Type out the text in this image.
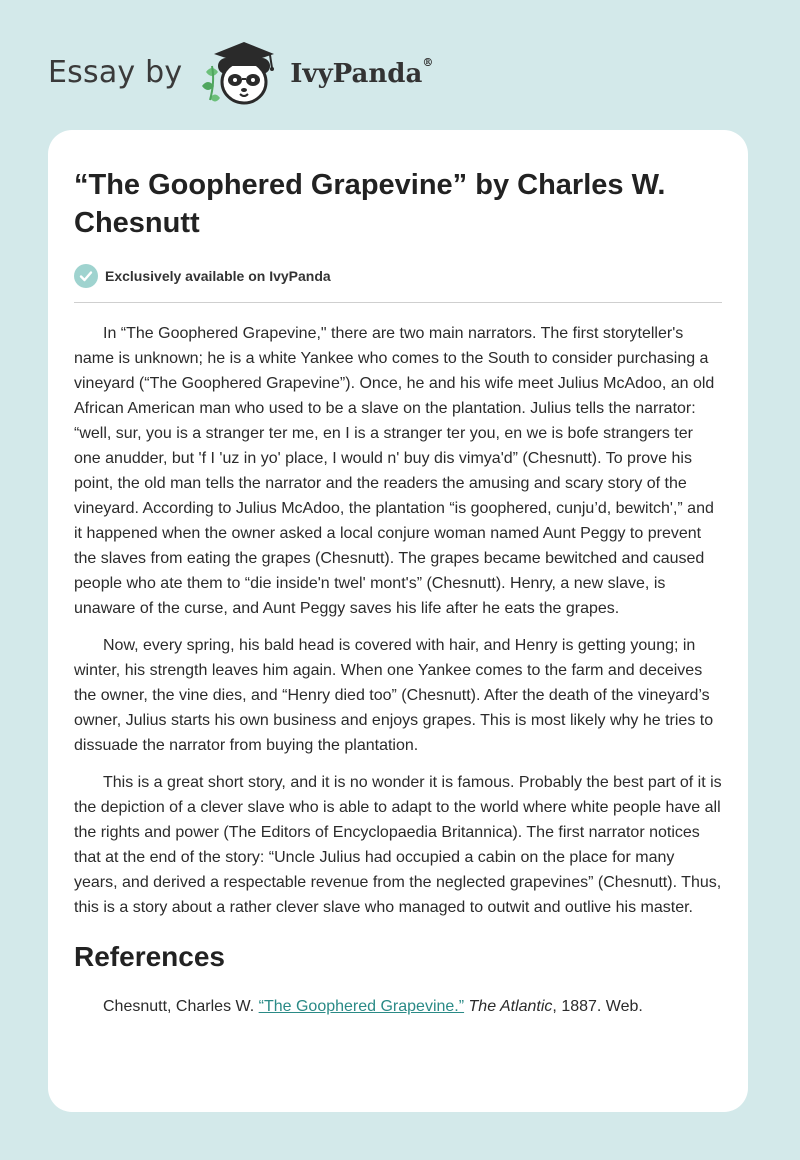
Essay by	IvyPanda®
“The Goophered Grapevine” by Charles W. Chesnutt
Exclusively available on IvyPanda

In “The Goophered Grapevine," there are two main narrators. The first storyteller's name is unknown; he is a white Yankee who comes to the South to consider purchasing a vineyard (“The Goophered Grapevine”). Once, he and his wife meet Julius McAdoo, an old African American man who used to be a slave on the plantation. Julius tells the narrator: “well, sur, you is a stranger ter me, en I is a stranger ter you, en we is bofe strangers ter one anudder, but 'f I 'uz in yo' place, I would n' buy dis vimya'd” (Chesnutt). To prove his point, the old man tells the narrator and the readers the amusing and scary story of the vineyard. According to Julius McAdoo, the plantation “is goophered, cunju’d, bewitch',” and it happened when the owner asked a local conjure woman named Aunt Peggy to prevent the slaves from eating the grapes (Chesnutt). The grapes became bewitched and caused people who ate them to “die inside'n twel' mont's” (Chesnutt). Henry, a new slave, is unaware of the curse, and Aunt Peggy saves his life after he eats the grapes.

Now, every spring, his bald head is covered with hair, and Henry is getting young; in winter, his strength leaves him again. When one Yankee comes to the farm and deceives the owner, the vine dies, and “Henry died too” (Chesnutt). After the death of the vineyard’s owner, Julius starts his own business and enjoys grapes. This is most likely why he tries to dissuade the narrator from buying the plantation.

This is a great short story, and it is no wonder it is famous. Probably the best part of it is the depiction of a clever slave who is able to adapt to the world where white people have all the rights and power (The Editors of Encyclopaedia Britannica). The first narrator notices that at the end of the story: “Uncle Julius had occupied a cabin on the place for many years, and derived a respectable revenue from the neglected grapevines” (Chesnutt). Thus, this is a story about a rather clever slave who managed to outwit and outlive his master.

References
Chesnutt, Charles W. “The Goophered Grapevine.” The Atlantic, 1887. Web.
